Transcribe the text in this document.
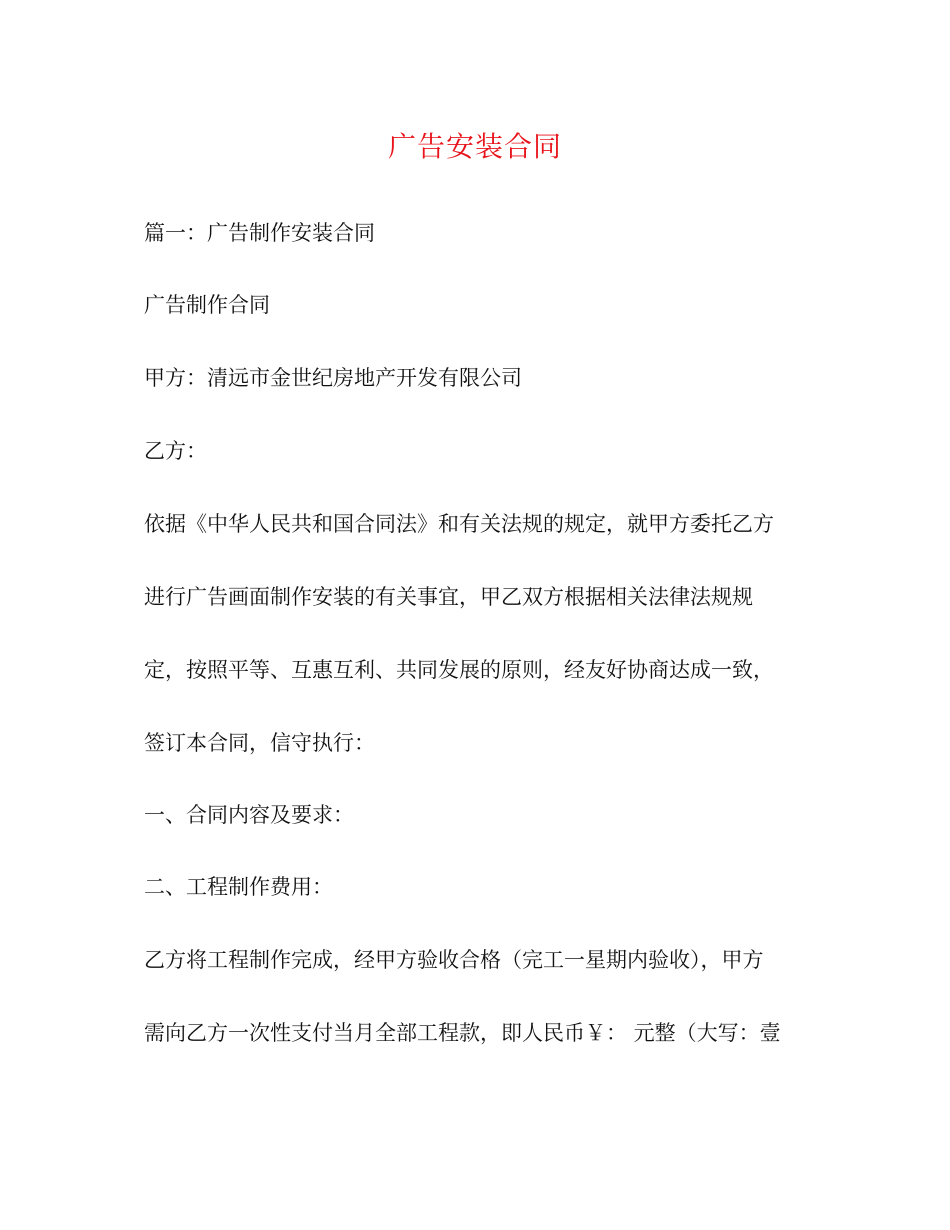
广告安装合同
篇一：广告制作安装合同
广告制作合同
甲方：清远市金世纪房地产开发有限公司
乙方：
依据《中华人民共和国合同法》和有关法规的规定，就甲方委托乙方
进行广告画面制作安装的有关事宜，甲乙双方根据相关法律法规规
定，按照平等、互惠互利、共同发展的原则，经友好协商达成一致，
签订本合同，信守执行：
一、合同内容及要求：
二、工程制作费用：
乙方将工程制作完成，经甲方验收合格（完工一星期内验收），甲方
需向乙方一次性支付当月全部工程款，即人民币￥： 元整（大写：壹
